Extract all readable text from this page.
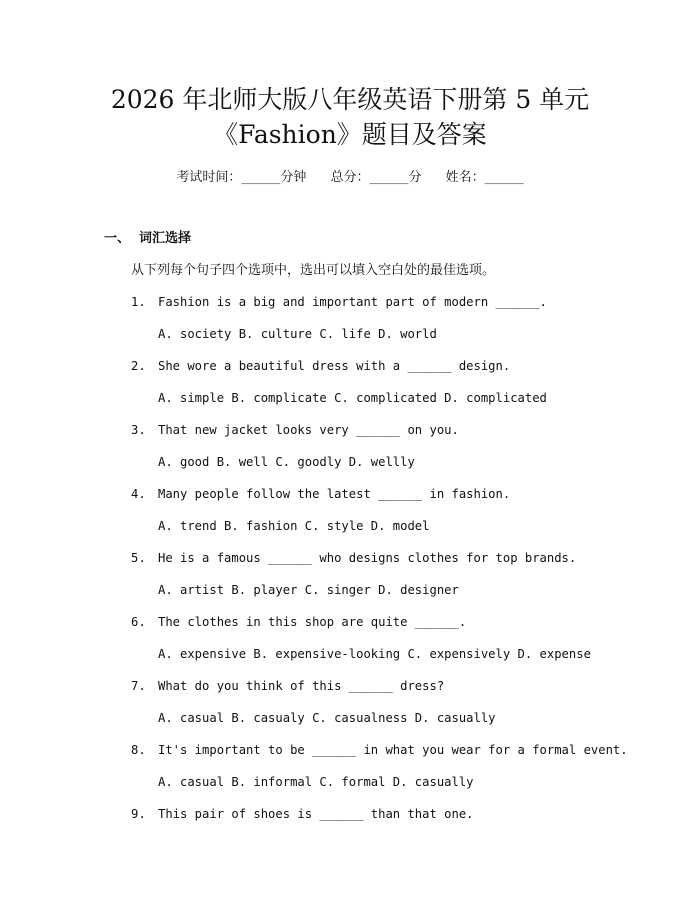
2026 年北师大版八年级英语下册第 5 单元
《Fashion》题目及答案
考试时间：______分钟 总分：______分 姓名：______
一、 词汇选择
从下列每个句子四个选项中，选出可以填入空白处的最佳选项。
1. Fashion is a big and important part of modern ______.
A. society B. culture C. life D. world
2. She wore a beautiful dress with a ______ design.
A. simple B. complicate C. complicated D. complicated
3. That new jacket looks very ______ on you.
A. good B. well C. goodly D. wellly
4. Many people follow the latest ______ in fashion.
A. trend B. fashion C. style D. model
5. He is a famous ______ who designs clothes for top brands.
A. artist B. player C. singer D. designer
6. The clothes in this shop are quite ______.
A. expensive B. expensive-looking C. expensively D. expense
7. What do you think of this ______ dress?
A. casual B. casualy C. casualness D. casually
8. It's important to be ______ in what you wear for a formal event.
A. casual B. informal C. formal D. casually
9. This pair of shoes is ______ than that one.
